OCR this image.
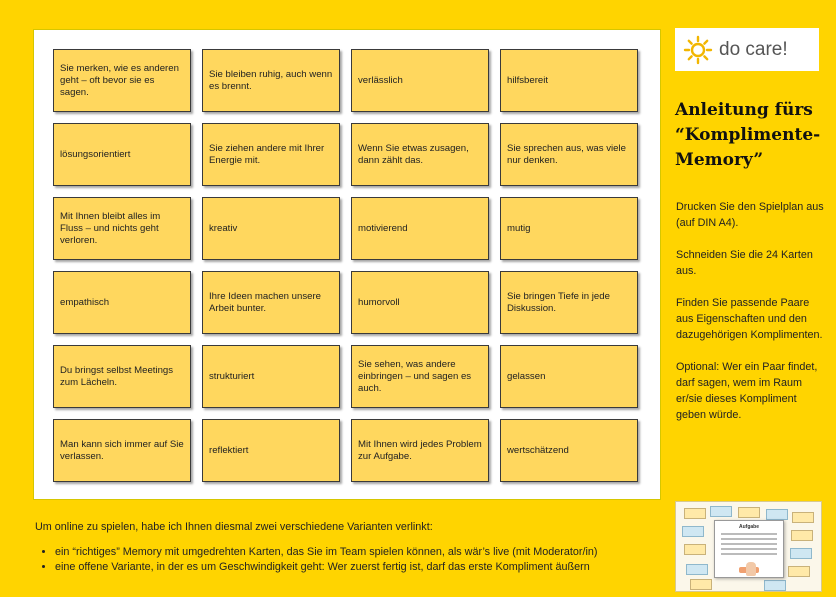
Sie merken, wie es anderen geht – oft bevor sie es sagen.
Sie bleiben ruhig, auch wenn es brennt.
verlässlich	hilfsbereit
lösungsorientiert
Sie ziehen andere mit Ihrer Energie mit.
Wenn Sie etwas zusagen, dann zählt das.
Sie sprechen aus, was viele nur denken.
Mit Ihnen bleibt alles im Fluss – und nichts geht verloren.
kreativ	motivierend	mutig
empathisch
Ihre Ideen machen unsere Arbeit bunter.
humorvoll
Sie bringen Tiefe in jede Diskussion.
Du bringst selbst Meetings zum Lächeln.
strukturiert
Sie sehen, was andere einbringen – und sagen es auch.
gelassen
Man kann sich immer auf Sie verlassen.
reflektiert
Mit Ihnen wird jedes Problem zur Aufgabe.
wertschätzend
do care!
Anleitung fürs “Komplimente-Memory”

Drucken Sie den Spielplan aus (auf DIN A4).

Schneiden Sie die 24 Karten aus.

Finden Sie passende Paare aus Eigenschaften und den dazugehörigen Komplimenten.

Optional: Wer ein Paar findet, darf sagen, wem im Raum er/sie dieses Kompliment geben würde.

Um online zu spielen, habe ich Ihnen diesmal zwei verschiedene Varianten verlinkt:
• ein “richtiges” Memory mit umgedrehten Karten, das Sie im Team spielen können, als wär’s live (mit Moderator/in)
• eine offene Variante, in der es um Geschwindigkeit geht: Wer zuerst fertig ist, darf das erste Kompliment äußern
Aufgabe
